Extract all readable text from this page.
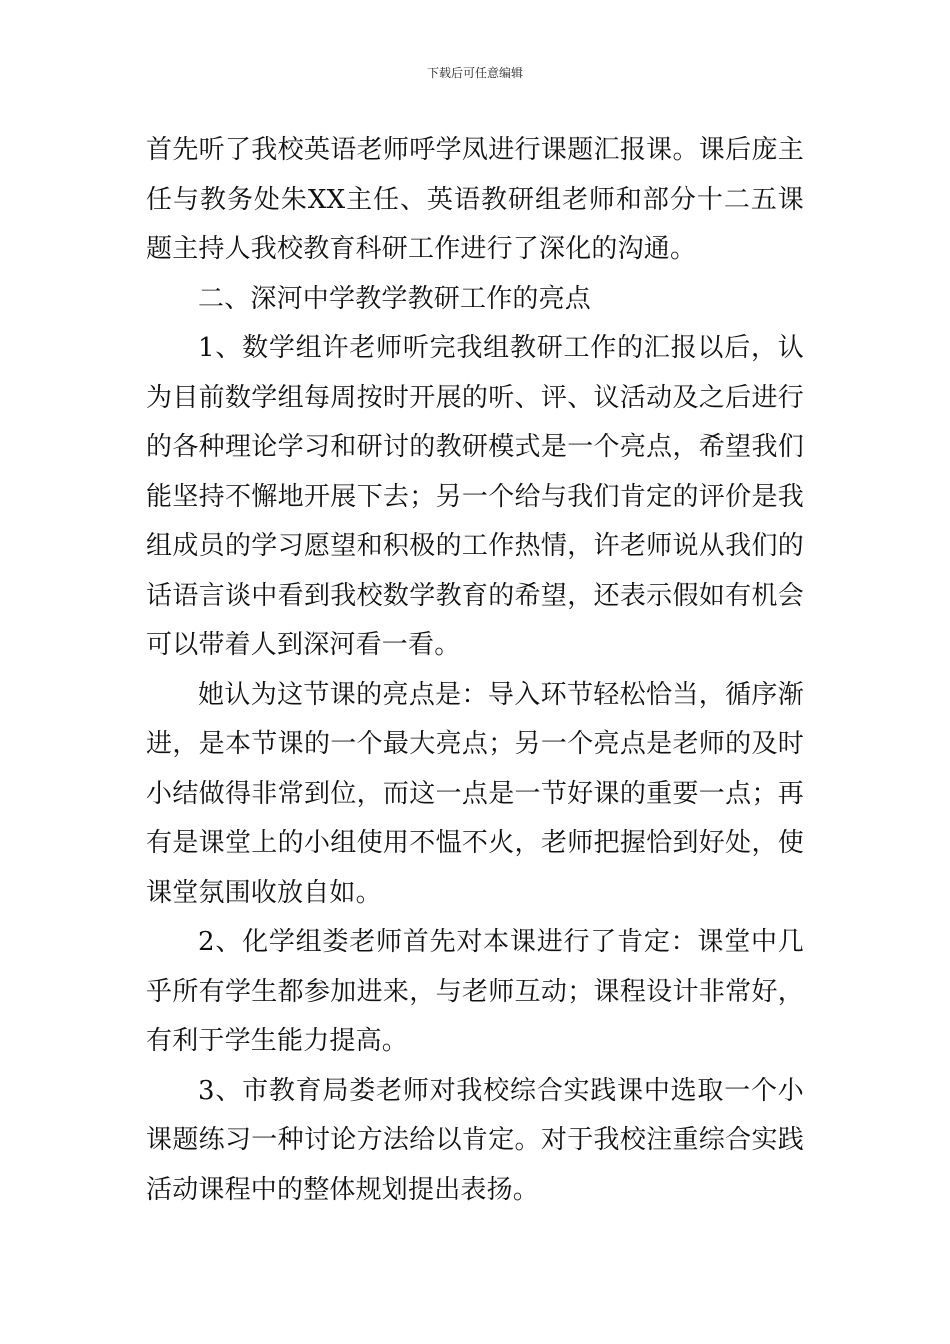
下载后可任意编辑

首先听了我校英语老师呼学凤进行课题汇报课。课后庞主任与教务处朱XX主任、英语教研组老师和部分十二五课题主持人我校教育科研工作进行了深化的沟通。

二、深河中学教学教研工作的亮点

1、数学组许老师听完我组教研工作的汇报以后，认为目前数学组每周按时开展的听、评、议活动及之后进行的各种理论学习和研讨的教研模式是一个亮点，希望我们能坚持不懈地开展下去；另一个给与我们肯定的评价是我组成员的学习愿望和积极的工作热情，许老师说从我们的话语言谈中看到我校数学教育的希望，还表示假如有机会可以带着人到深河看一看。

她认为这节课的亮点是：导入环节轻松恰当，循序渐进，是本节课的一个最大亮点；另一个亮点是老师的及时小结做得非常到位，而这一点是一节好课的重要一点；再有是课堂上的小组使用不愠不火，老师把握恰到好处，使课堂氛围收放自如。

2、化学组娄老师首先对本课进行了肯定：课堂中几乎所有学生都参加进来，与老师互动；课程设计非常好，有利于学生能力提高。

3、市教育局娄老师对我校综合实践课中选取一个小课题练习一种讨论方法给以肯定。对于我校注重综合实践活动课程中的整体规划提出表扬。
